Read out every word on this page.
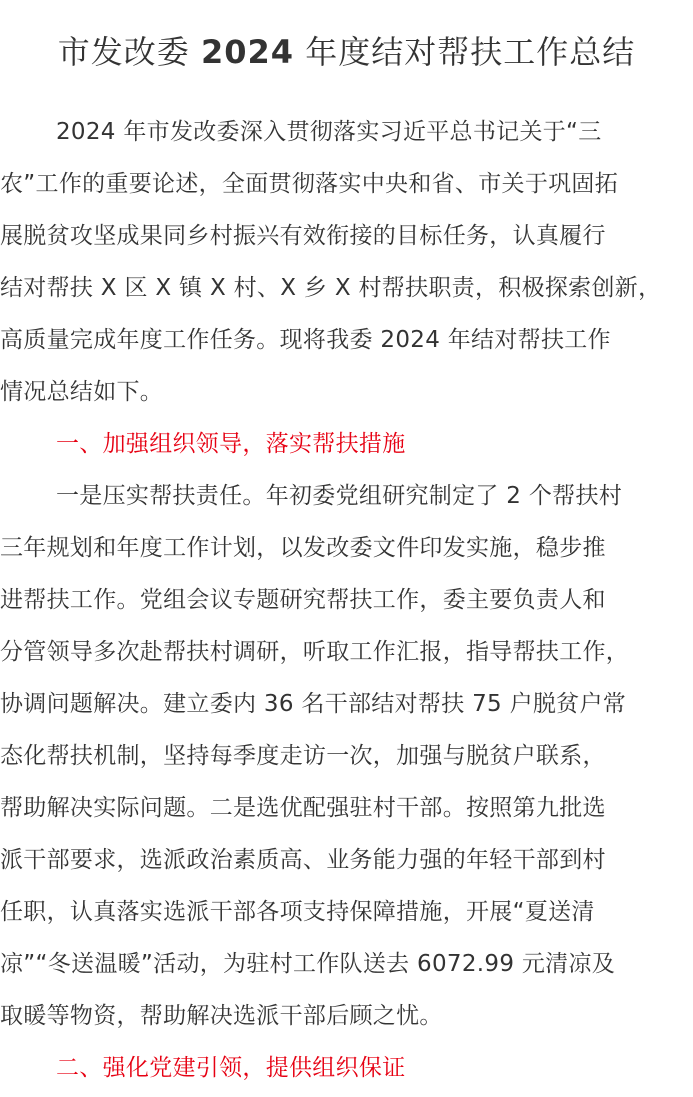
市发改委 2024 年度结对帮扶工作总结
2024 年市发改委深入贯彻落实习近平总书记关于“三
农”工作的重要论述，全面贯彻落实中央和省、市关于巩固拓
展脱贫攻坚成果同乡村振兴有效衔接的目标任务，认真履行
结对帮扶 X 区 X 镇 X 村、X 乡 X 村帮扶职责，积极探索创新，
高质量完成年度工作任务。现将我委 2024 年结对帮扶工作
情况总结如下。
一、加强组织领导，落实帮扶措施
一是压实帮扶责任。年初委党组研究制定了 2 个帮扶村
三年规划和年度工作计划，以发改委文件印发实施，稳步推
进帮扶工作。党组会议专题研究帮扶工作，委主要负责人和
分管领导多次赴帮扶村调研，听取工作汇报，指导帮扶工作，
协调问题解决。建立委内 36 名干部结对帮扶 75 户脱贫户常
态化帮扶机制，坚持每季度走访一次，加强与脱贫户联系，
帮助解决实际问题。二是选优配强驻村干部。按照第九批选
派干部要求，选派政治素质高、业务能力强的年轻干部到村
任职，认真落实选派干部各项支持保障措施，开展“夏送清
凉”“冬送温暖”活动，为驻村工作队送去 6072.99 元清凉及
取暖等物资，帮助解决选派干部后顾之忧。
二、强化党建引领，提供组织保证
